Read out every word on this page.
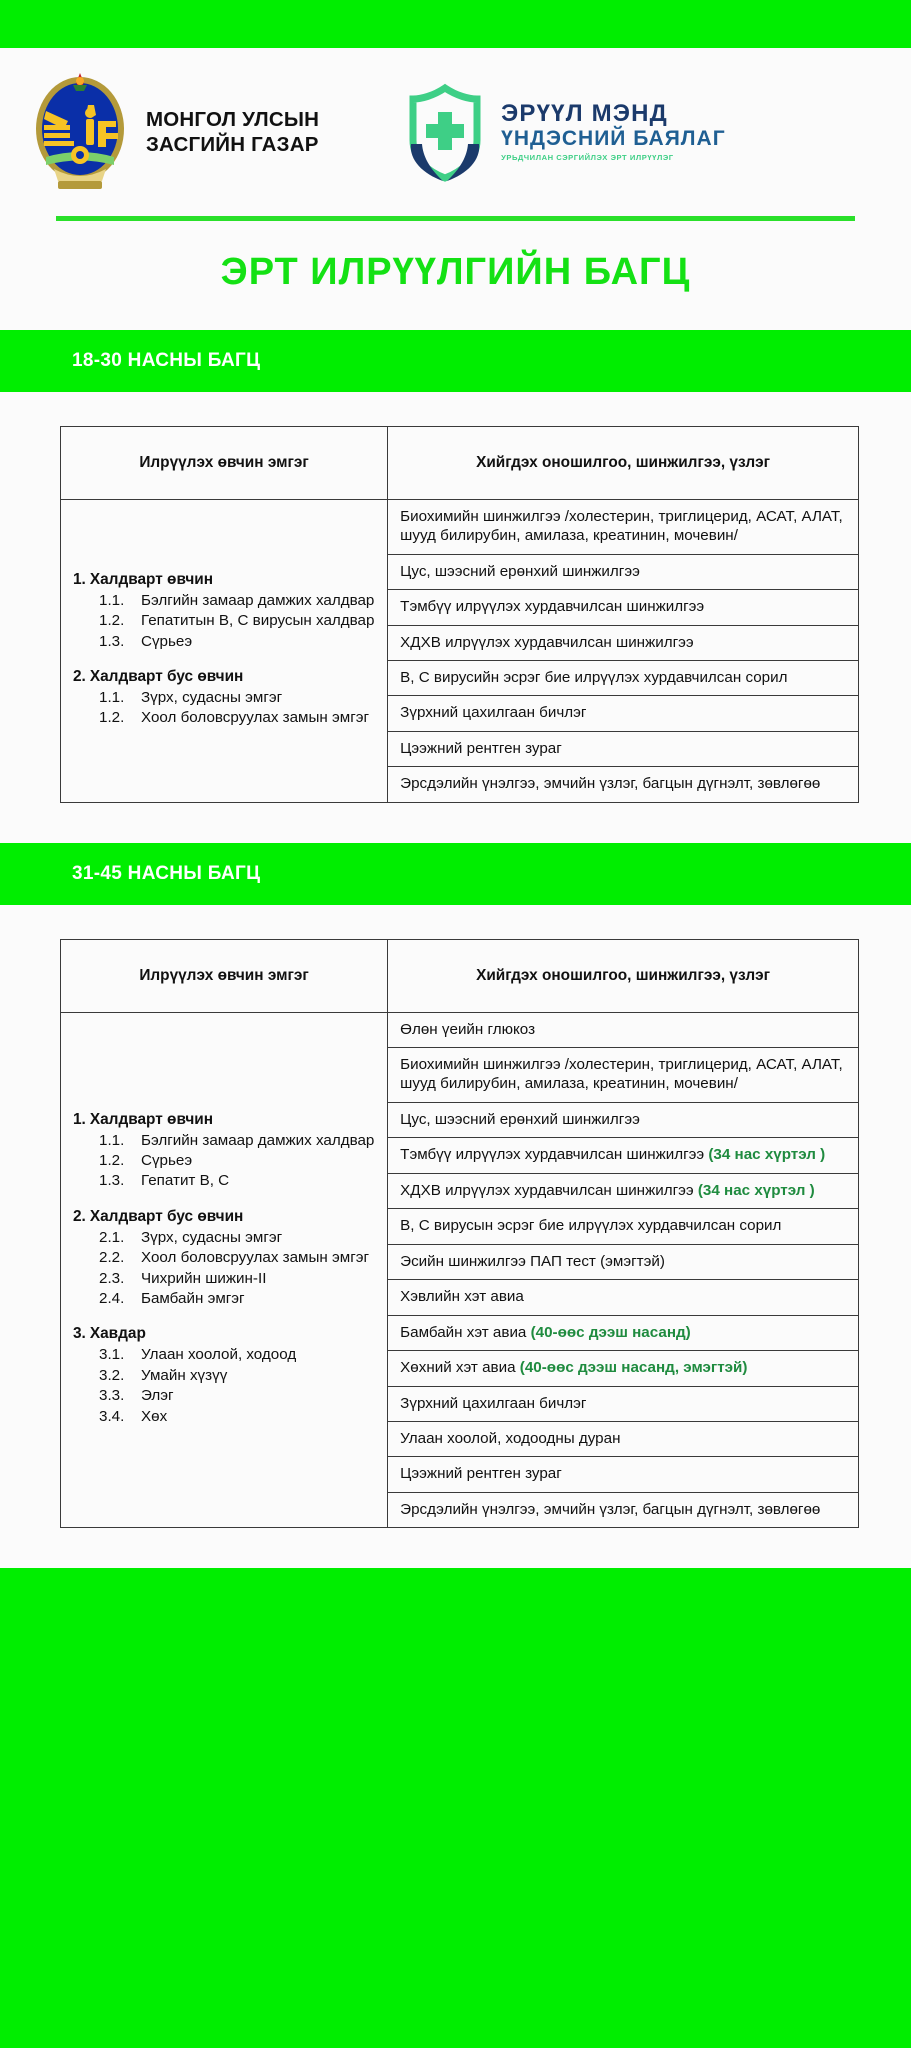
МОНГОЛ УЛСЫН
ЗАСГИЙН ГАЗАР
ЭРҮҮЛ МЭНД
ҮНДЭСНИЙ БАЯЛАГ
УРЬДЧИЛАН СЭРГИЙЛЭХ ЭРТ ИЛРҮҮЛЭГ
ЭРТ ИЛРҮҮЛГИЙН БАГЦ
18-30 НАСНЫ БАГЦ
Илрүүлэх өвчин эмгэг	Хийгдэх оношилгоо, шинжилгээ, үзлэг

1. Халдварт өвчин
1.1.	Бэлгийн замаар дамжих халдвар
1.2.	Гепатитын B, C вирусын халдвар
1.3.	Сүрьеэ
2. Халдварт бус өвчин
1.1.	Зүрх, судасны эмгэг
1.2.	Хоол боловсруулах замын эмгэг
	Биохимийн шинжилгээ /холестерин, триглицерид, АСАТ, АЛАТ, шууд билирубин, амилаза, креатинин, мочевин/
	Цус, шээсний ерөнхий шинжилгээ
	Тэмбүү илрүүлэх хурдавчилсан шинжилгээ
	ХДХВ илрүүлэх хурдавчилсан шинжилгээ
	B, C вирусийн эсрэг бие илрүүлэх хурдавчилсан сорил
	Зүрхний цахилгаан бичлэг
	Цээжний рентген зураг
	Эрсдэлийн үнэлгээ, эмчийн үзлэг, багцын дүгнэлт, зөвлөгөө
31-45 НАСНЫ БАГЦ
Илрүүлэх өвчин эмгэг	Хийгдэх оношилгоо, шинжилгээ, үзлэг

1. Халдварт өвчин
1.1.	Бэлгийн замаар дамжих халдвар
1.2.	Сүрьеэ
1.3.	Гепатит B, C
2. Халдварт бус өвчин
2.1.	Зүрх, судасны эмгэг
2.2.	Хоол боловсруулах замын эмгэг
2.3.	Чихрийн шижин-II
2.4.	Бамбайн эмгэг
3. Хавдар
3.1.	Улаан хоолой, ходоод
3.2.	Умайн хүзүү
3.3.	Элэг
3.4.	Хөх
	Өлөн үеийн глюкоз
	Биохимийн шинжилгээ /холестерин, триглицерид, АСАТ, АЛАТ, шууд билирубин, амилаза, креатинин, мочевин/
	Цус, шээсний ерөнхий шинжилгээ
	Тэмбүү илрүүлэх хурдавчилсан шинжилгээ (34 нас хүртэл )
	ХДХВ илрүүлэх хурдавчилсан шинжилгээ (34 нас хүртэл )
	B, C вирусын эсрэг бие илрүүлэх хурдавчилсан сорил
	Эсийн шинжилгээ ПАП тест (эмэгтэй)
	Хэвлийн хэт авиа
	Бамбайн хэт авиа (40-өөс дээш насанд)
	Хөхний хэт авиа (40-өөс дээш насанд, эмэгтэй)
	Зүрхний цахилгаан бичлэг
	Улаан хоолой, ходоодны дуран
	Цээжний рентген зураг
	Эрсдэлийн үнэлгээ, эмчийн үзлэг, багцын дүгнэлт, зөвлөгөө
